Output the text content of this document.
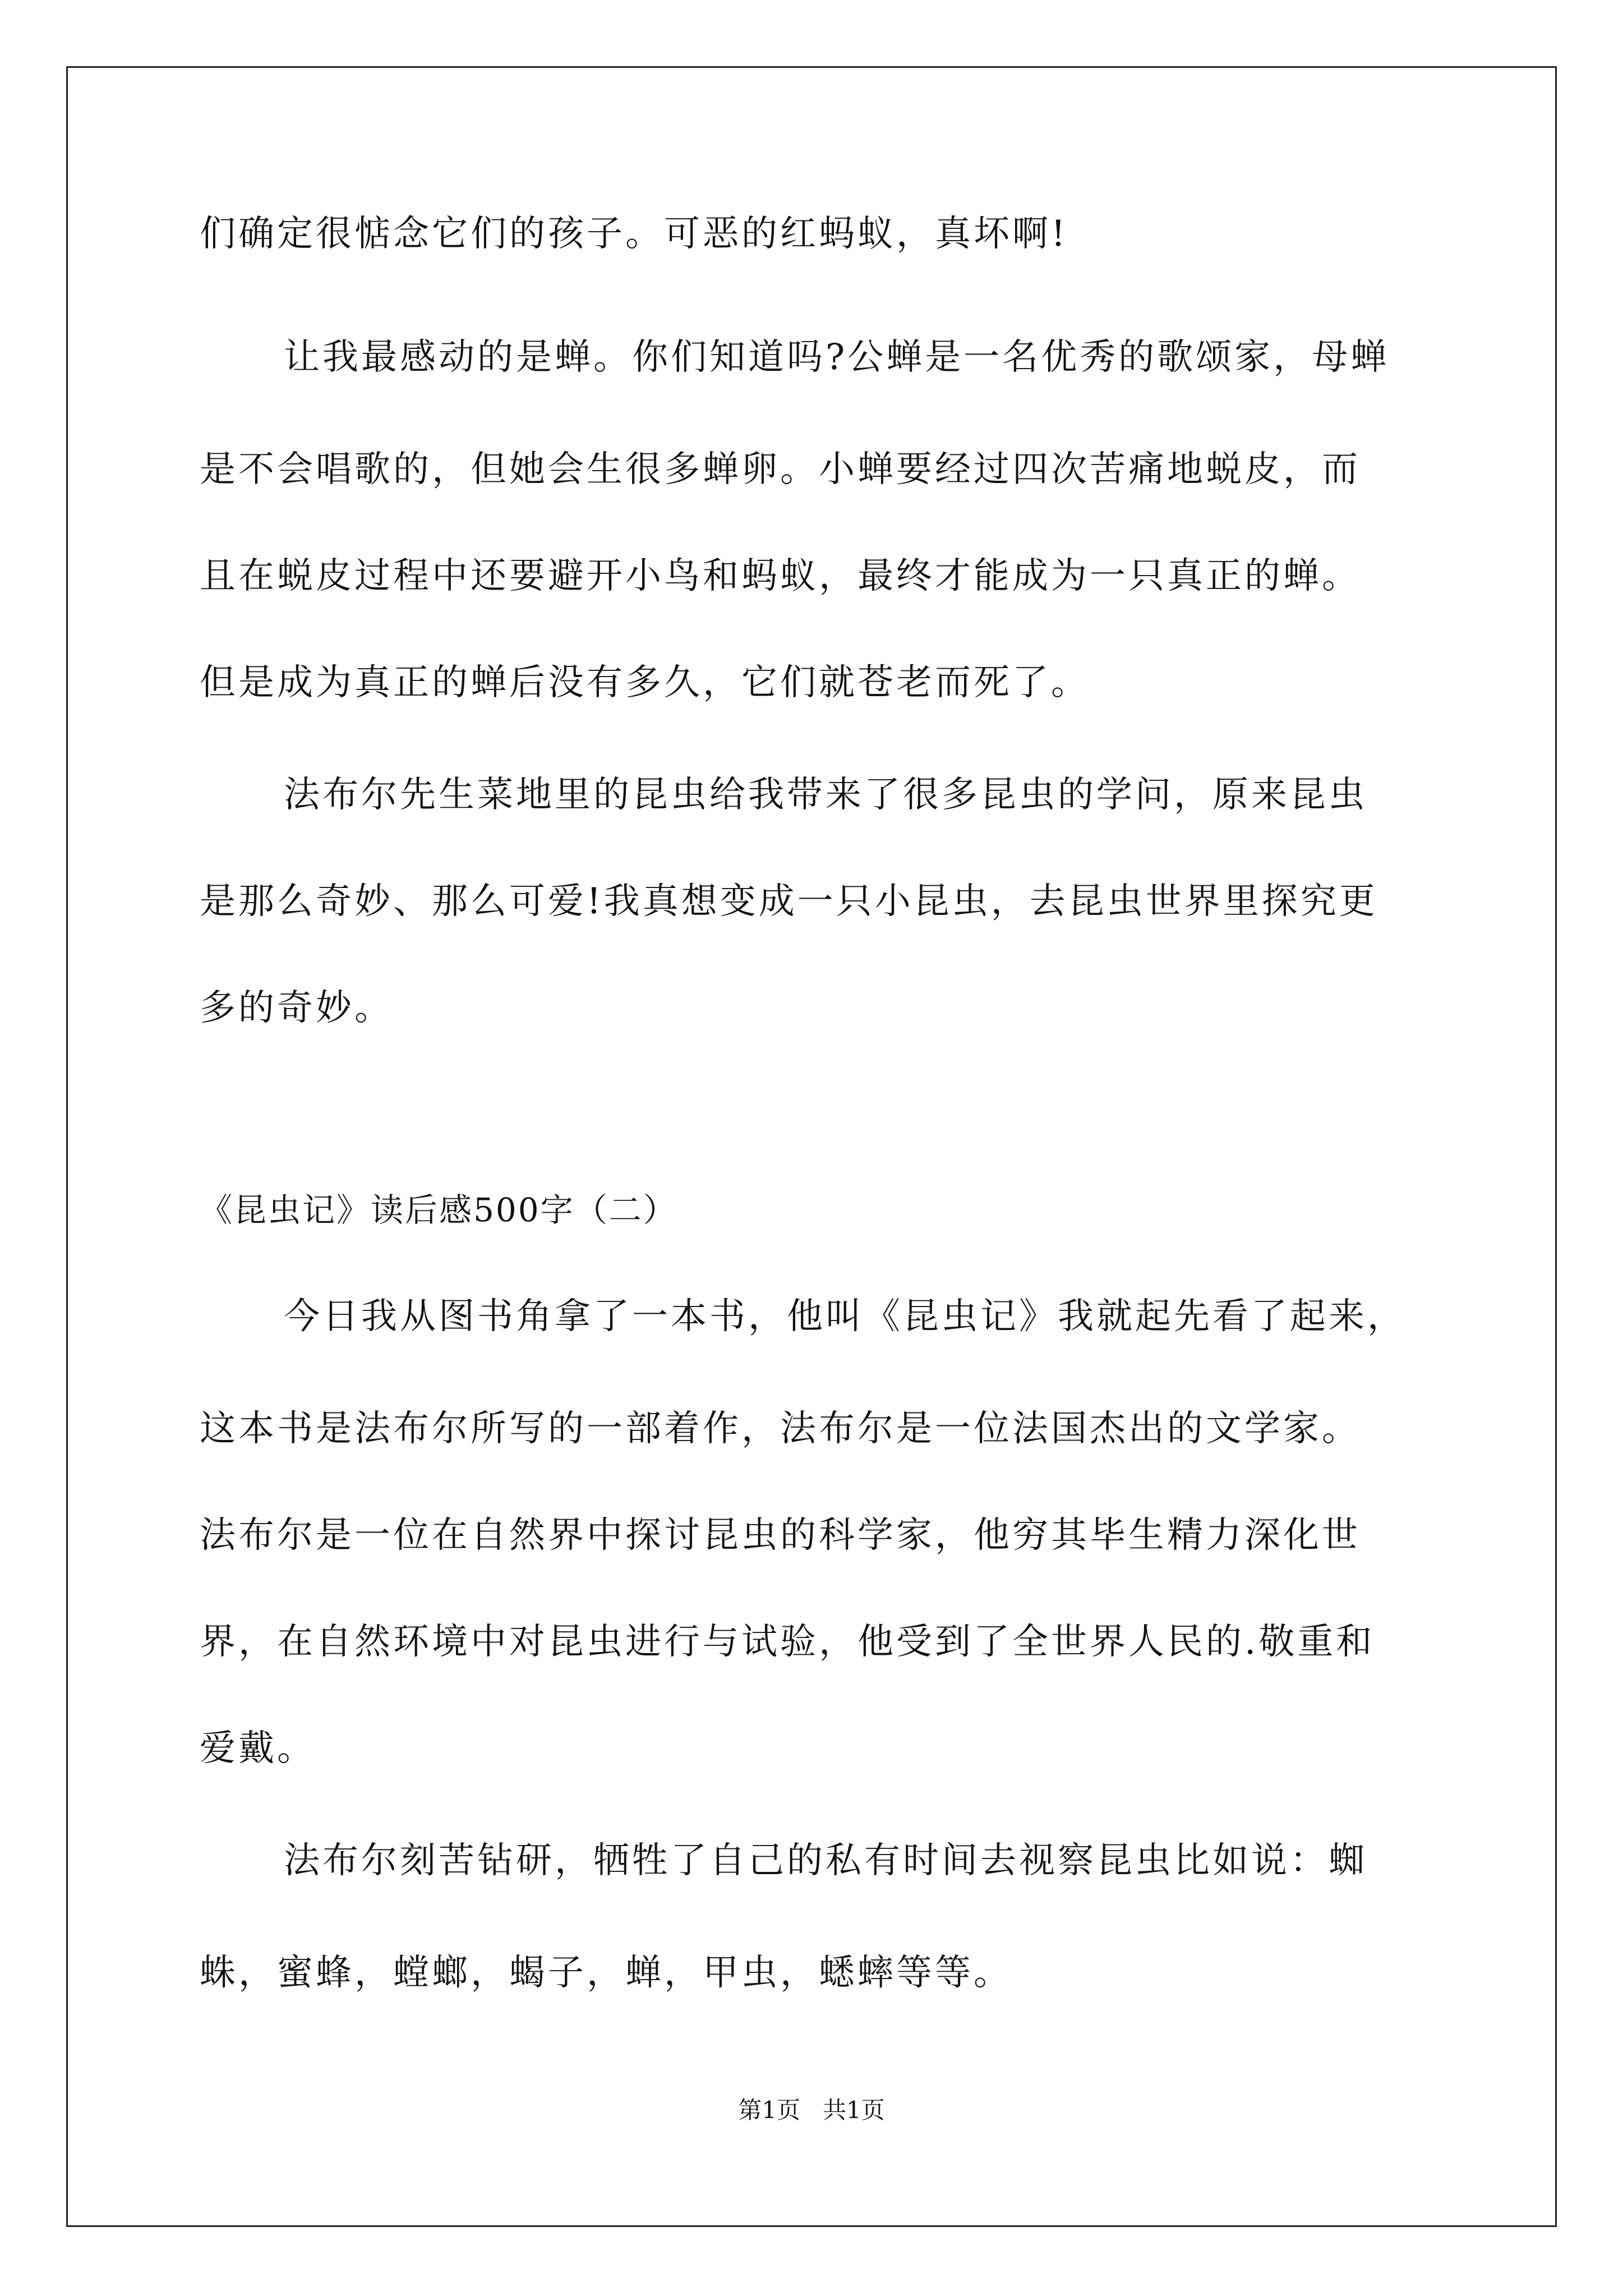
们确定很惦念它们的孩子。可恶的红蚂蚁，真坏啊!
让我最感动的是蝉。你们知道吗?公蝉是一名优秀的歌颂家，母蝉
是不会唱歌的，但她会生很多蝉卵。小蝉要经过四次苦痛地蜕皮，而
且在蜕皮过程中还要避开小鸟和蚂蚁，最终才能成为一只真正的蝉。
但是成为真正的蝉后没有多久，它们就苍老而死了。
法布尔先生菜地里的昆虫给我带来了很多昆虫的学问，原来昆虫
是那么奇妙、那么可爱!我真想变成一只小昆虫，去昆虫世界里探究更
多的奇妙。
《昆虫记》读后感500字（二）
今日我从图书角拿了一本书，他叫《昆虫记》我就起先看了起来，
这本书是法布尔所写的一部着作，法布尔是一位法国杰出的文学家。
法布尔是一位在自然界中探讨昆虫的科学家，他穷其毕生精力深化世
界，在自然环境中对昆虫进行与试验，他受到了全世界人民的.敬重和
爱戴。
法布尔刻苦钻研，牺牲了自己的私有时间去视察昆虫比如说：蜘
蛛，蜜蜂，螳螂，蝎子，蝉，甲虫，蟋蟀等等。
第1页   共1页
